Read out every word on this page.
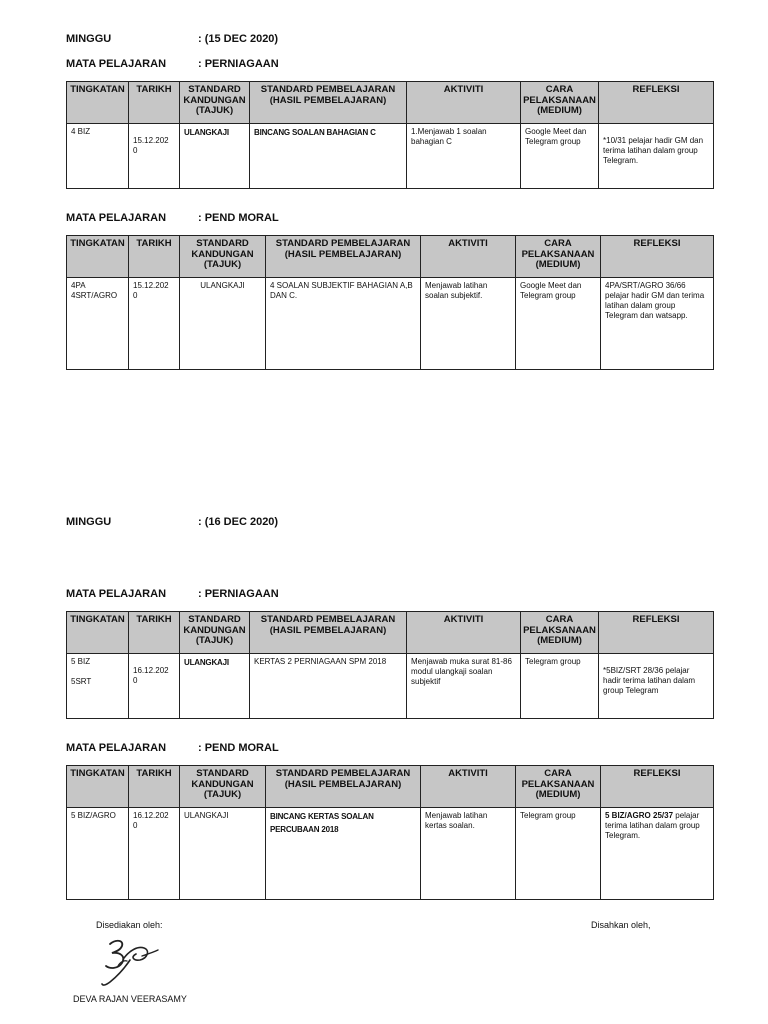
MINGGU	: (15 DEC 2020)
MATA PELAJARAN	: PERNIAGAAN
TINGKATAN	TARIKH	STANDARD KANDUNGAN (TAJUK)	STANDARD PEMBELAJARAN (HASIL PEMBELAJARAN)	AKTIVITI	CARA PELAKSANAAN (MEDIUM)	REFLEKSI
4 BIZ	15.12.202 0	ULANGKAJI	BINCANG SOALAN BAHAGIAN C	1.Menjawab 1 soalan bahagian C	Google Meet dan Telegram group	*10/31 pelajar hadir GM dan terima latihan dalam group Telegram.
MATA PELAJARAN	: PEND MORAL
TINGKATAN	TARIKH	STANDARD KANDUNGAN (TAJUK)	STANDARD PEMBELAJARAN (HASIL PEMBELAJARAN)	AKTIVITI	CARA PELAKSANAAN (MEDIUM)	REFLEKSI

4PA
4SRT/AGRO	15.12.202 0	ULANGKAJI	4 SOALAN SUBJEKTIF BAHAGIAN A,B DAN C.	Menjawab latihan soalan subjektif.	Google Meet dan Telegram group	4PA/SRT/AGRO 36/66 pelajar hadir GM dan terima latihan dalam group Telegram dan watsapp.
MINGGU	: (16 DEC 2020)
MATA PELAJARAN	: PERNIAGAAN
TINGKATAN	TARIKH	STANDARD KANDUNGAN (TAJUK)	STANDARD PEMBELAJARAN (HASIL PEMBELAJARAN)	AKTIVITI	CARA PELAKSANAAN (MEDIUM)	REFLEKSI

5 BIZ
5SRT	16.12.202 0	ULANGKAJI	KERTAS 2 PERNIAGAAN SPM 2018	Menjawab muka surat 81-86 modul ulangkaji soalan subjektif	Telegram group	*5BIZ/SRT 28/36 pelajar hadir terima latihan dalam group Telegram
MATA PELAJARAN	: PEND MORAL
TINGKATAN	TARIKH	STANDARD KANDUNGAN (TAJUK)	STANDARD PEMBELAJARAN (HASIL PEMBELAJARAN)	AKTIVITI	CARA PELAKSANAAN (MEDIUM)	REFLEKSI
5 BIZ/AGRO	16.12.202 0	ULANGKAJI	BINCANG KERTAS SOALAN PERCUBAAN 2018	Menjawab latihan kertas soalan.	Telegram group	5 BIZ/AGRO 25/37 pelajar terima latihan dalam group Telegram.
Disediakan oleh:	Disahkan oleh,
DEVA RAJAN VEERASAMY
